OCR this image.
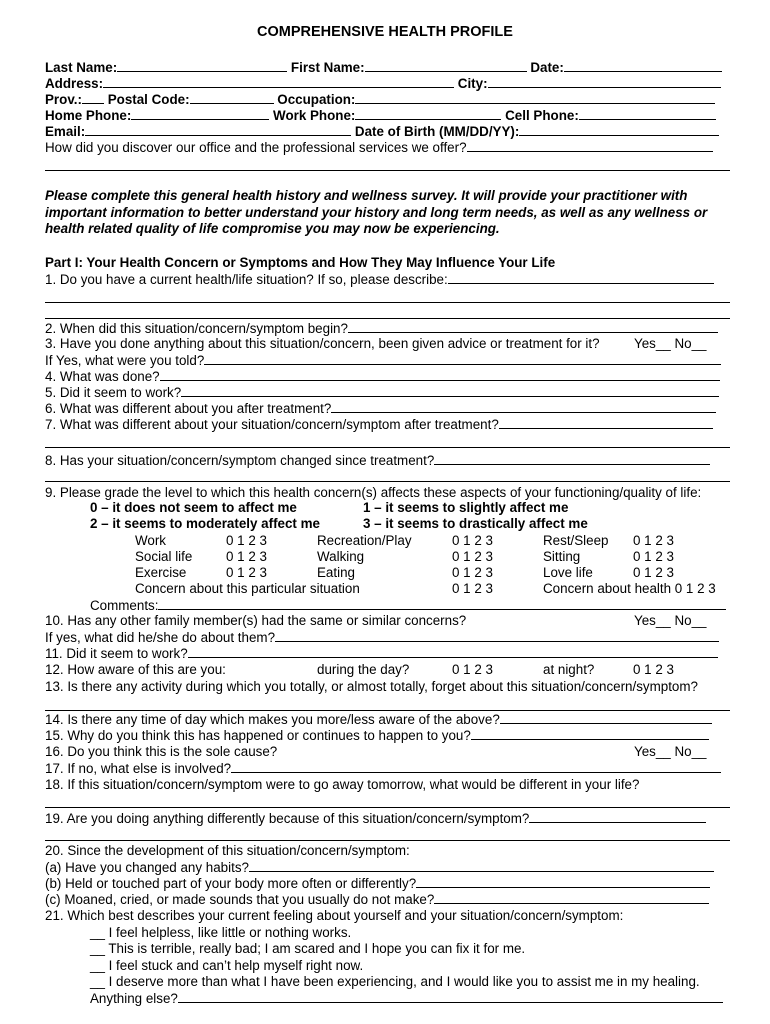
COMPREHENSIVE HEALTH PROFILE
Last Name:	First Name:	Date:
Address:	City:
Prov.: Postal Code:	Occupation:
Home Phone:	Work Phone:	Cell Phone:
Email:	Date of Birth (MM/DD/YY):
How did you discover our office and the professional services we offer?
Please complete this general health history and wellness survey. It will provide your practitioner with important information to better understand your history and long term needs, as well as any wellness or health related quality of life compromise you may now be experiencing.
Part I: Your Health Concern or Symptoms and How They May Influence Your Life
1. Do you have a current health/life situation? If so, please describe:
2. When did this situation/concern/symptom begin?
3. Have you done anything about this situation/concern, been given advice or treatment for it?	Yes__ No__
If Yes, what were you told?
4. What was done?
5. Did it seem to work?
6. What was different about you after treatment?
7. What was different about your situation/concern/symptom after treatment?
8. Has your situation/concern/symptom changed since treatment?
9. Please grade the level to which this health concern(s) affects these aspects of your functioning/quality of life:
0 – it does not seem to affect me	1 – it seems to slightly affect me
2 – it seems to moderately affect me	3 – it seems to drastically affect me
Work	0 1 2 3	Recreation/Play	0 1 2 3	Rest/Sleep 0 1 2 3
Social life	0 1 2 3	Walking	0 1 2 3	Sitting	0 1 2 3
Exercise	0 1 2 3	Eating	0 1 2 3	Love life	0 1 2 3
Concern about this particular situation	0 1 2 3	Concern about health 0 1 2 3
Comments:
10. Has any other family member(s) had the same or similar concerns?	Yes__ No__
If yes, what did he/she do about them?
11. Did it seem to work?
12. How aware of this are you:	during the day?	0 1 2 3	at night?	0 1 2 3
13. Is there any activity during which you totally, or almost totally, forget about this situation/concern/symptom?
14. Is there any time of day which makes you more/less aware of the above?
15. Why do you think this has happened or continues to happen to you?
16. Do you think this is the sole cause?	Yes__ No__
17. If no, what else is involved?
18. If this situation/concern/symptom were to go away tomorrow, what would be different in your life?
19. Are you doing anything differently because of this situation/concern/symptom?
20. Since the development of this situation/concern/symptom:
(a) Have you changed any habits?
(b) Held or touched part of your body more often or differently?
(c) Moaned, cried, or made sounds that you usually do not make?
21. Which best describes your current feeling about yourself and your situation/concern/symptom:
__ I feel helpless, like little or nothing works.
__ This is terrible, really bad; I am scared and I hope you can fix it for me.
__ I feel stuck and can’t help myself right now.
__ I deserve more than what I have been experiencing, and I would like you to assist me in my healing.
Anything else?
